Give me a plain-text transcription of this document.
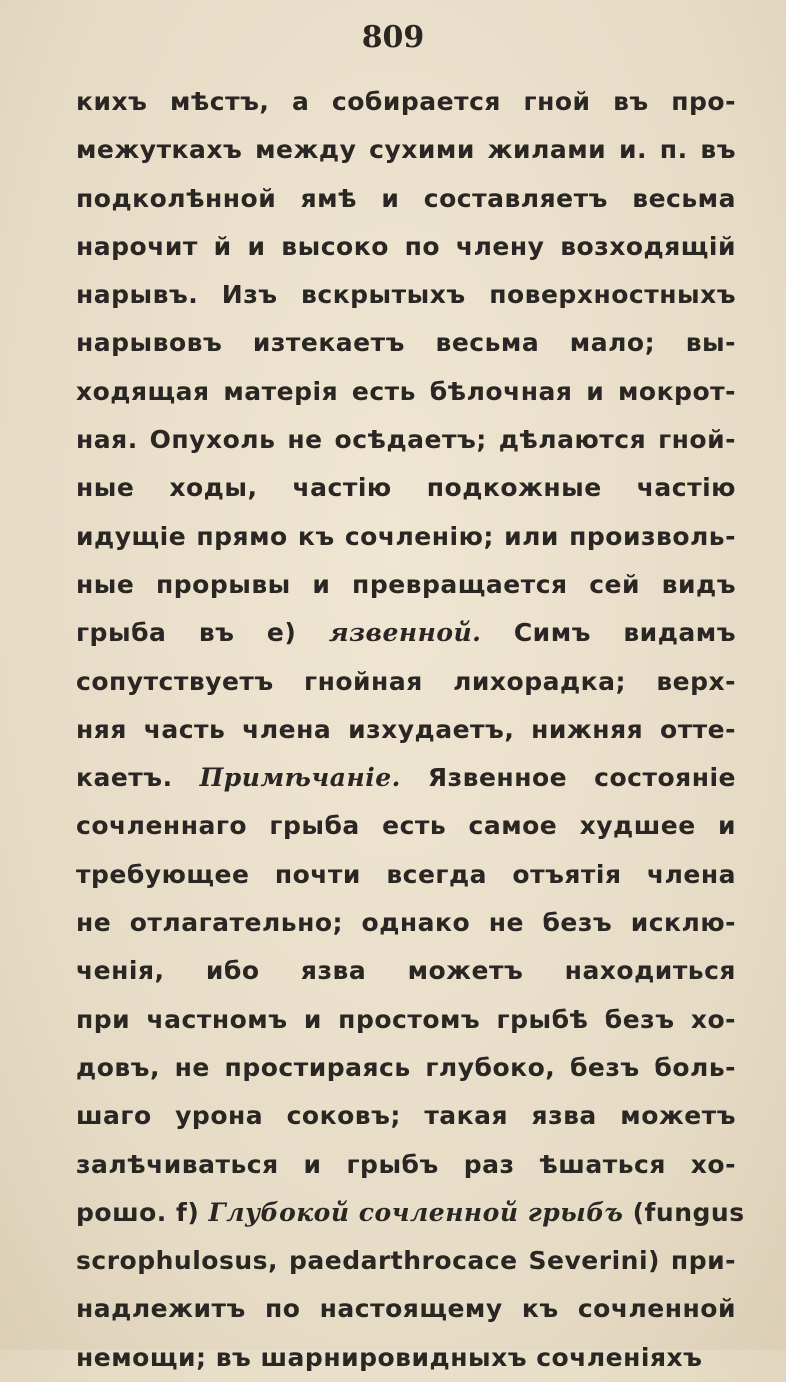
809
кихъ мѣстъ, а собирается гной въ про-
межуткахъ между сухими жилами и. п. въ
подколѣнной ямѣ и составляетъ весьма
нарочит й и высоко по члену возходящій
нарывъ. Изъ вскрытыхъ поверхностныхъ
нарывовъ изтекаетъ весьма мало; вы-
ходящая матерія есть бѣлочная и мокрот-
ная. Опухоль не осѣдаетъ; дѣлаются гной-
ные ходы, частію подкожные частію
идущіе прямо къ сочленію; или произволь-
ные прорывы и превращается сей видъ
грыба въ е) язвенной. Симъ видамъ
сопутствуетъ гнойная лихорадка; верх-
няя часть члена изхудаетъ, нижняя отте-
каетъ. Примѣчаніе. Язвенное состояніе
сочленнаго грыба есть самое худшее и
требующее почти всегда отъятія члена
не отлагательно; однако не безъ исклю-
ченія, ибо язва можетъ находиться
при частномъ и простомъ грыбѣ безъ хо-
довъ, не простираясь глубоко, безъ боль-
шаго урона соковъ; такая язва можетъ
залѣчиваться и грыбъ раз ѣшаться хо-
рошо. f) Глубокой сочленной грыбъ (fungus
scrophulosus, paedarthrocace Severini) при-
надлежитъ по настоящему къ сочленной
немощи; въ шарнировидныхъ сочленіяхъ
